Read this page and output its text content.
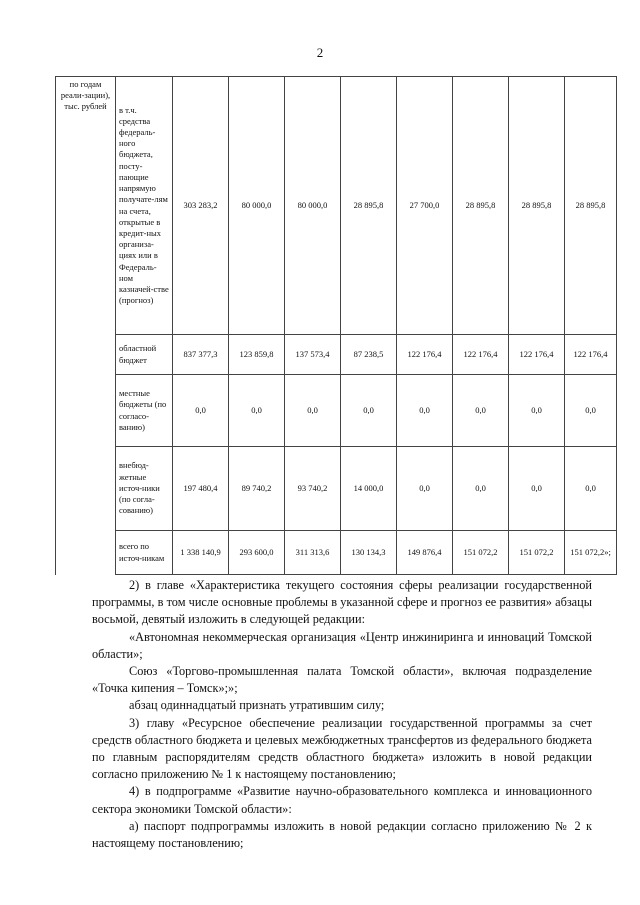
2
по годам реали-зации), тыс. рублей	в т.ч. средства федераль-ного бюджета, посту-пающие напрямую получате-лям на счета, открытые в кредит-ных организа-циях или в Федераль-ном казначей-стве (прогноз)	303 283,2	80 000,0	80 000,0	28 895,8	27 700,0	28 895,8	28 895,8	28 895,8
	областной бюджет	837 377,3	123 859,8	137 573,4	87 238,5	122 176,4	122 176,4	122 176,4	122 176,4
	местные бюджеты (по согласо-ванию)	0,0	0,0	0,0	0,0	0,0	0,0	0,0	0,0
	внебюд-жетные источ-ники (по согла-сованию)	197 480,4	89 740,2	93 740,2	14 000,0	0,0	0,0	0,0	0,0
	всего по источ-никам	1 338 140,9	293 600,0	311 313,6	130 134,3	149 876,4	151 072,2	151 072,2	151 072,2»;

2) в главе «Характеристика текущего состояния сферы реализации государственной программы, в том числе основные проблемы в указанной сфере и прогноз ее развития» абзацы восьмой, девятый изложить в следующей редакции:

«Автономная некоммерческая организация «Центр инжиниринга и инноваций Томской области»;

Союз «Торгово-промышленная палата Томской области», включая подразделение «Точка кипения – Томск»;»;

абзац одиннадцатый признать утратившим силу;

3) главу «Ресурсное обеспечение реализации государственной программы за счет средств областного бюджета и целевых межбюджетных трансфертов из федерального бюджета по главным распорядителям средств областного бюджета» изложить в новой редакции согласно приложению № 1 к настоящему постановлению;

4) в подпрограмме «Развитие научно-образовательного комплекса и инновационного сектора экономики Томской области»:

а) паспорт подпрограммы изложить в новой редакции согласно приложению № 2 к настоящему постановлению;
